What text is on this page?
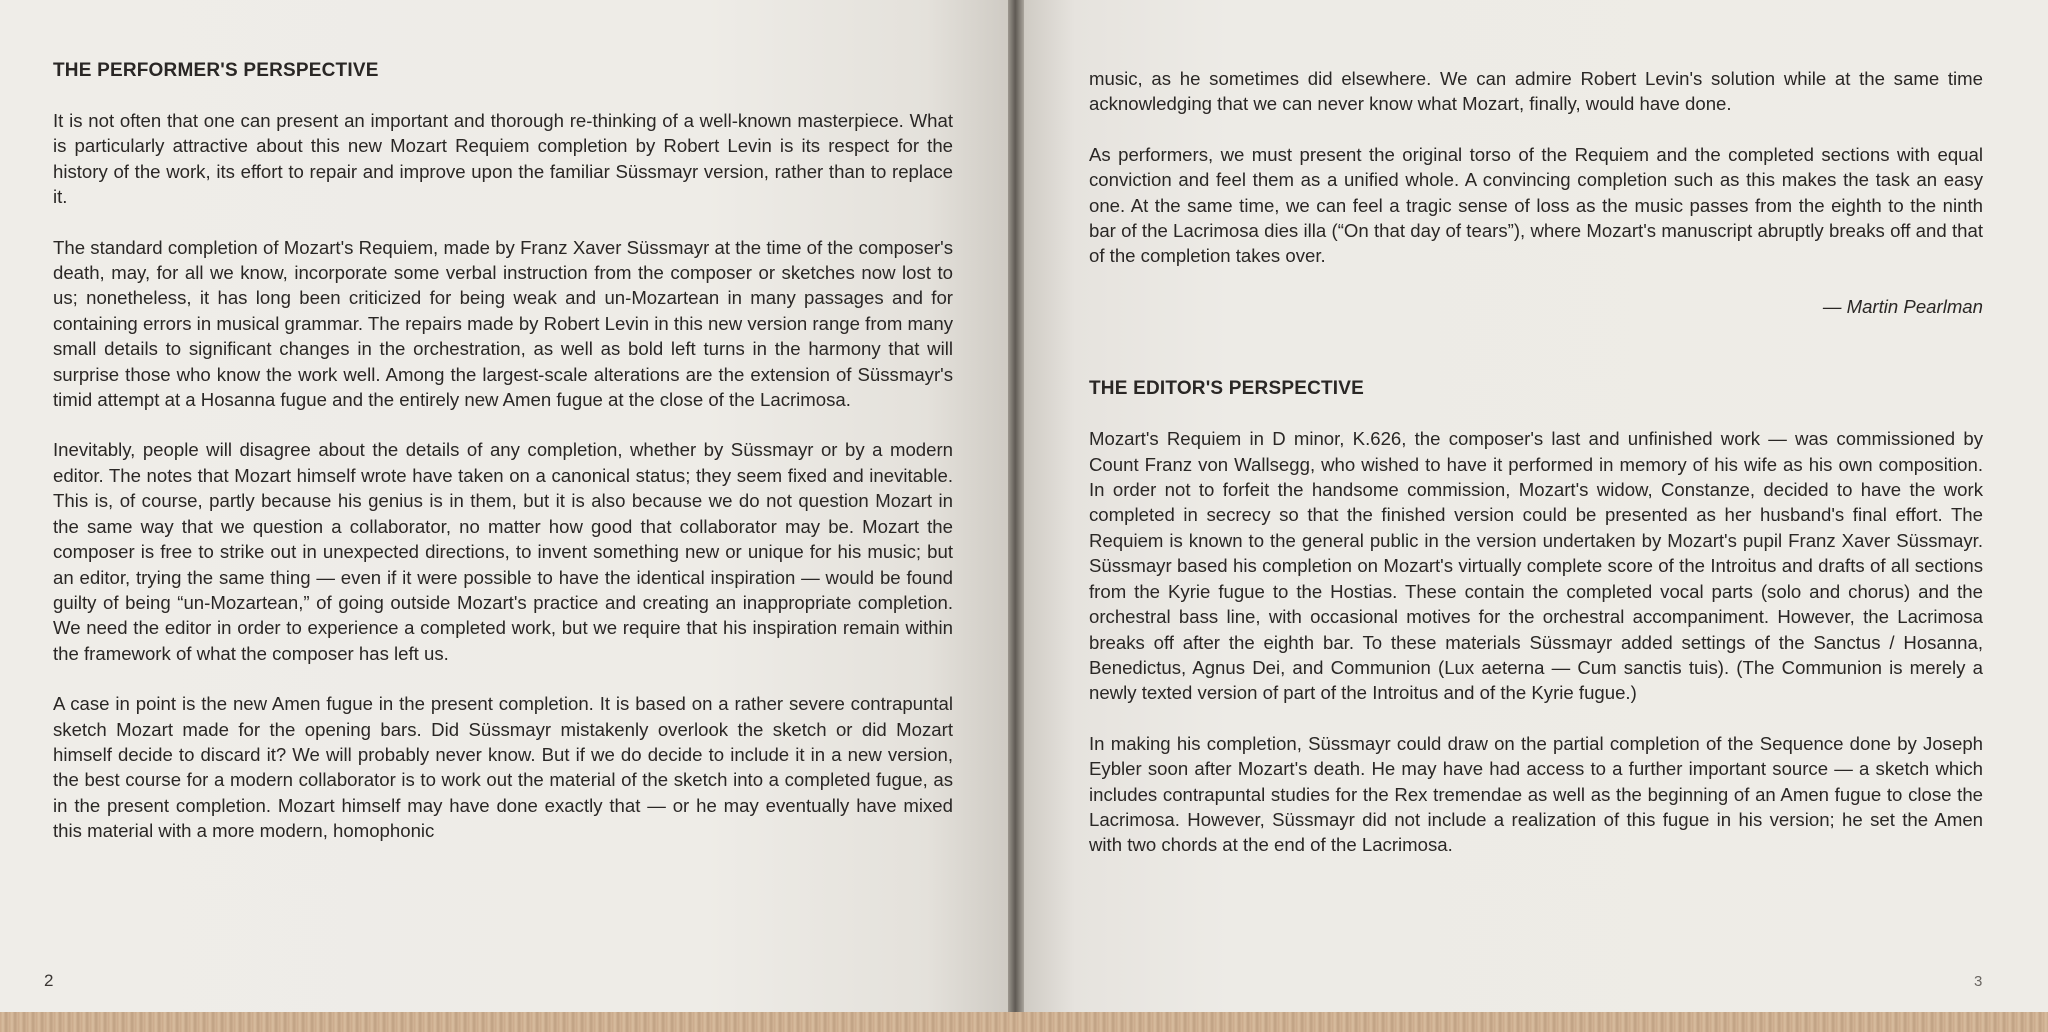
THE PERFORMER'S PERSPECTIVE

It is not often that one can present an important and thorough re-thinking of a well-known masterpiece. What is particularly attractive about this new Mozart Requiem completion by Robert Levin is its respect for the history of the work, its effort to repair and improve upon the familiar Süssmayr version, rather than to replace it.

The standard completion of Mozart's Requiem, made by Franz Xaver Süssmayr at the time of the composer's death, may, for all we know, incorporate some verbal instruction from the composer or sketches now lost to us; nonetheless, it has long been criticized for being weak and un-Mozartean in many passages and for containing errors in musical grammar. The repairs made by Robert Levin in this new version range from many small details to significant changes in the orchestration, as well as bold left turns in the harmony that will surprise those who know the work well. Among the largest-scale alterations are the extension of Süssmayr's timid attempt at a Hosanna fugue and the entirely new Amen fugue at the close of the Lacrimosa.

Inevitably, people will disagree about the details of any completion, whether by Süssmayr or by a modern editor. The notes that Mozart himself wrote have taken on a canonical status; they seem fixed and inevitable. This is, of course, partly because his genius is in them, but it is also because we do not question Mozart in the same way that we question a collaborator, no matter how good that collaborator may be. Mozart the composer is free to strike out in unexpected directions, to invent something new or unique for his music; but an editor, trying the same thing — even if it were possible to have the identical inspiration — would be found guilty of being “un-Mozartean,” of going outside Mozart's practice and creating an inappropriate completion. We need the editor in order to experience a completed work, but we require that his inspiration remain within the framework of what the composer has left us.

A case in point is the new Amen fugue in the present completion. It is based on a rather severe contrapuntal sketch Mozart made for the opening bars. Did Süssmayr mistakenly overlook the sketch or did Mozart himself decide to discard it? We will probably never know. But if we do decide to include it in a new version, the best course for a modern collaborator is to work out the material of the sketch into a completed fugue, as in the present completion. Mozart himself may have done exactly that — or he may eventually have mixed this material with a more modern, homophonic

2

music, as he sometimes did elsewhere. We can admire Robert Levin's solution while at the same time acknowledging that we can never know what Mozart, finally, would have done.

As performers, we must present the original torso of the Requiem and the completed sections with equal conviction and feel them as a unified whole. A convincing completion such as this makes the task an easy one. At the same time, we can feel a tragic sense of loss as the music passes from the eighth to the ninth bar of the Lacrimosa dies illa (“On that day of tears”), where Mozart's manuscript abruptly breaks off and that of the completion takes over.

— Martin Pearlman

THE EDITOR'S PERSPECTIVE

Mozart's Requiem in D minor, K.626, the composer's last and unfinished work — was commissioned by Count Franz von Wallsegg, who wished to have it performed in memory of his wife as his own composition. In order not to forfeit the handsome commission, Mozart's widow, Constanze, decided to have the work completed in secrecy so that the finished version could be presented as her husband's final effort. The Requiem is known to the general public in the version undertaken by Mozart's pupil Franz Xaver Süssmayr. Süssmayr based his completion on Mozart's virtually complete score of the Introitus and drafts of all sections from the Kyrie fugue to the Hostias. These contain the completed vocal parts (solo and chorus) and the orchestral bass line, with occasional motives for the orchestral accompaniment. However, the Lacrimosa breaks off after the eighth bar. To these materials Süssmayr added settings of the Sanctus / Hosanna, Benedictus, Agnus Dei, and Communion (Lux aeterna — Cum sanctis tuis). (The Communion is merely a newly texted version of part of the Introitus and of the Kyrie fugue.)

In making his completion, Süssmayr could draw on the partial completion of the Sequence done by Joseph Eybler soon after Mozart's death. He may have had access to a further important source — a sketch which includes contrapuntal studies for the Rex tremendae as well as the beginning of an Amen fugue to close the Lacrimosa. However, Süssmayr did not include a realization of this fugue in his version; he set the Amen with two chords at the end of the Lacrimosa.

3
